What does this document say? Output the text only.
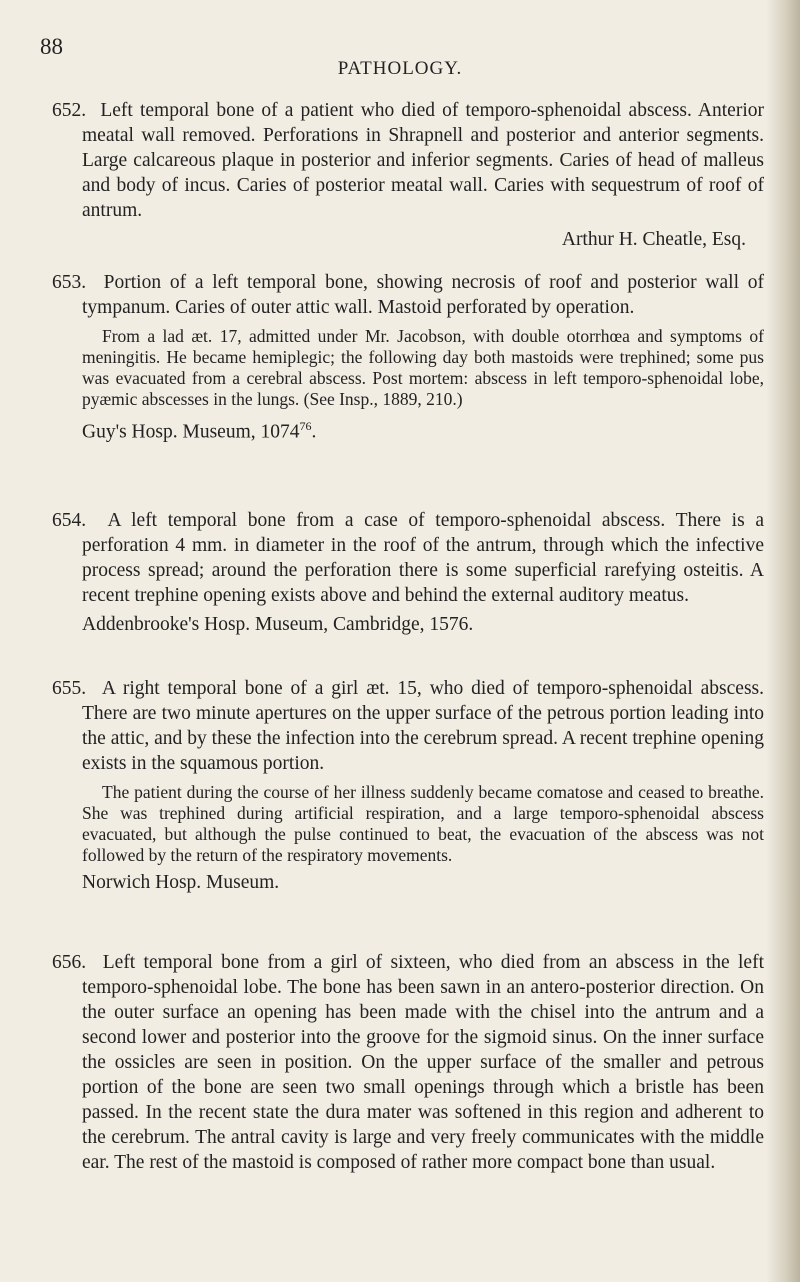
88
PATHOLOGY.

652. Left temporal bone of a patient who died of temporo-sphenoidal abscess. Anterior meatal wall removed. Perforations in Shrapnell and posterior and anterior segments. Large calcareous plaque in posterior and inferior segments. Caries of head of malleus and body of incus. Caries of posterior meatal wall. Caries with sequestrum of roof of antrum.

Arthur H. Cheatle, Esq.

653. Portion of a left temporal bone, showing necrosis of roof and posterior wall of tympanum. Caries of outer attic wall. Mastoid perforated by operation.

From a lad æt. 17, admitted under Mr. Jacobson, with double otorrhœa and symptoms of meningitis. He became hemiplegic; the following day both mastoids were trephined; some pus was evacuated from a cerebral abscess. Post mortem: abscess in left temporo-sphenoidal lobe, pyæmic abscesses in the lungs. (See Insp., 1889, 210.)

Guy's Hosp. Museum, 1074$^{76}$.

654. A left temporal bone from a case of temporo-sphenoidal abscess. There is a perforation 4 mm. in diameter in the roof of the antrum, through which the infective process spread; around the perforation there is some superficial rarefying osteitis. A recent trephine opening exists above and behind the external auditory meatus.

Addenbrooke's Hosp. Museum, Cambridge, 1576.

655. A right temporal bone of a girl æt. 15, who died of temporo-sphenoidal abscess. There are two minute apertures on the upper surface of the petrous portion leading into the attic, and by these the infection into the cerebrum spread. A recent trephine opening exists in the squamous portion.

The patient during the course of her illness suddenly became comatose and ceased to breathe. She was trephined during artificial respiration, and a large temporo-sphenoidal abscess evacuated, but although the pulse continued to beat, the evacuation of the abscess was not followed by the return of the respiratory movements.

Norwich Hosp. Museum.

656. Left temporal bone from a girl of sixteen, who died from an abscess in the left temporo-sphenoidal lobe. The bone has been sawn in an antero-posterior direction. On the outer surface an opening has been made with the chisel into the antrum and a second lower and posterior into the groove for the sigmoid sinus. On the inner surface the ossicles are seen in position. On the upper surface of the smaller and petrous portion of the bone are seen two small openings through which a bristle has been passed. In the recent state the dura mater was softened in this region and adherent to the cerebrum. The antral cavity is large and very freely communicates with the middle ear. The rest of the mastoid is composed of rather more compact bone than usual.
